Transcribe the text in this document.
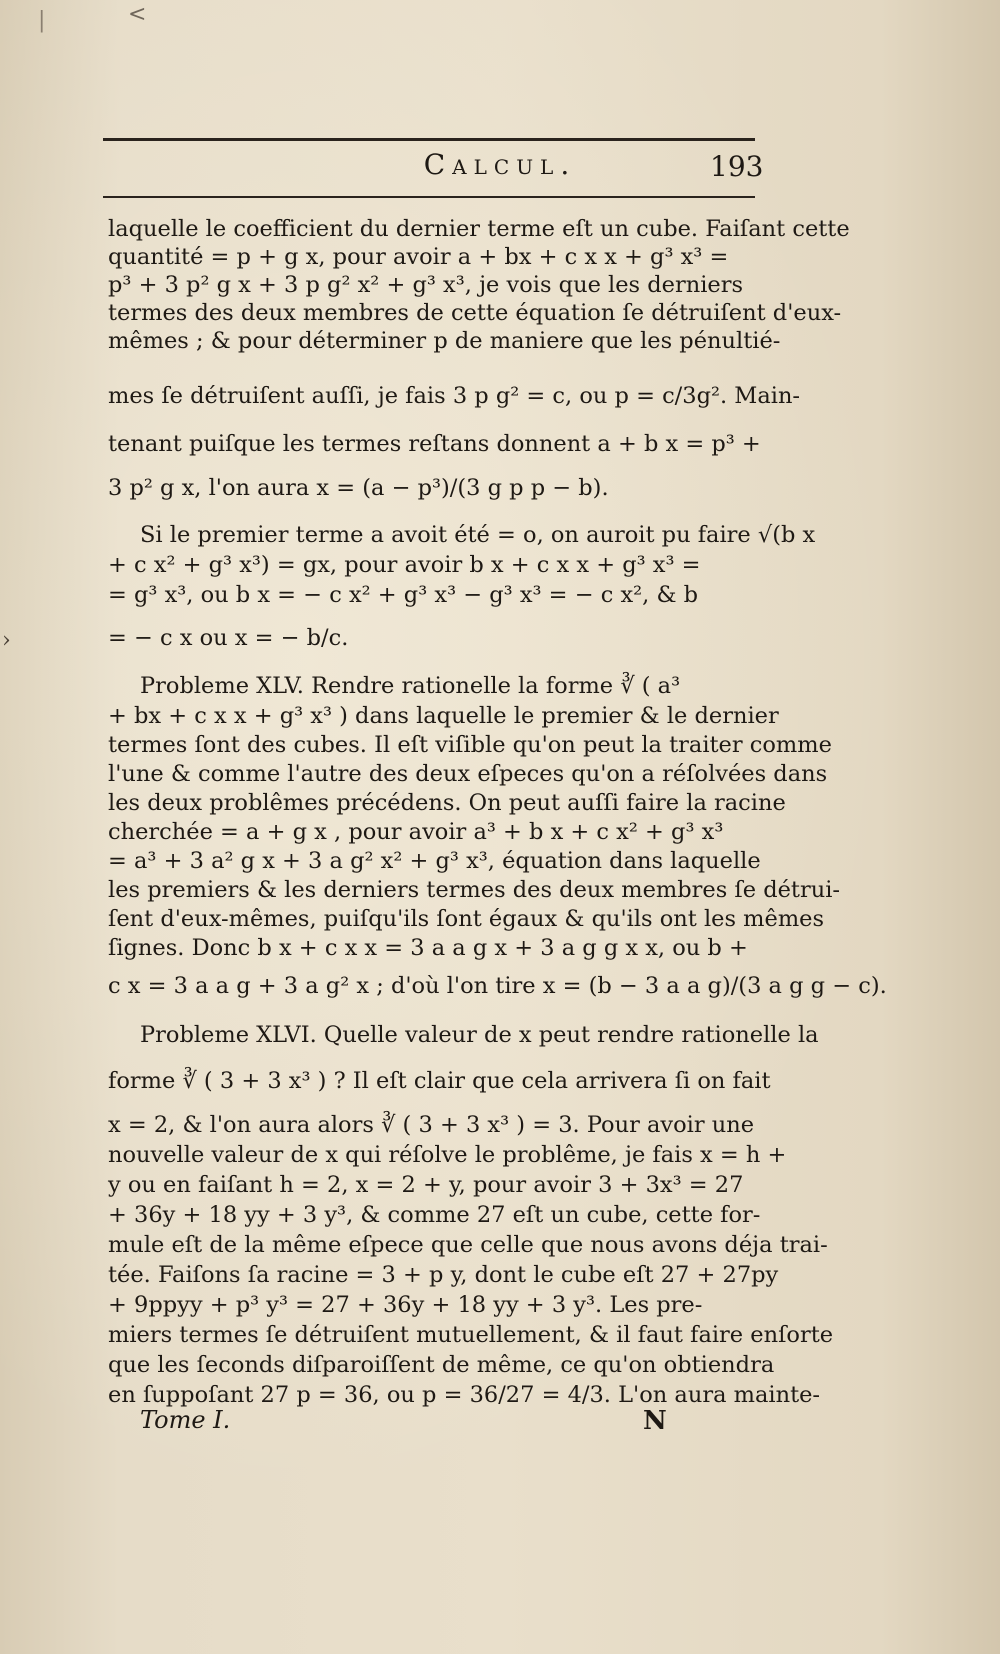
|	<
›
Calcul.	193
laquelle le coefficient du dernier terme eſt un cube. Faiſant cette
quantité = p + g x, pour avoir a + bx + c x x + g³ x³ =
p³ + 3 p² g x + 3 p g² x² + g³ x³, je vois que les derniers
termes des deux membres de cette équation ſe détruiſent d'eux-
mêmes ; & pour déterminer p de maniere que les pénultié-
mes ſe détruiſent auſſi, je fais 3 p g² = c, ou p = c/3g². Main-
tenant puiſque les termes reſtans donnent a + b x = p³ +
3 p² g x, l'on aura x = (a − p³)/(3 g p p − b).
Si le premier terme a avoit été = o, on auroit pu faire √(b x
+ c x² + g³ x³) = gx, pour avoir b x + c x x + g³ x³ =
= g³ x³, ou b x = − c x² + g³ x³ − g³ x³ = − c x², & b
= − c x ou x = − b/c.
Probleme XLV. Rendre rationelle la forme ∛ ( a³
+ bx + c x x + g³ x³ ) dans laquelle le premier & le dernier
termes ſont des cubes. Il eſt viſible qu'on peut la traiter comme
l'une & comme l'autre des deux eſpeces qu'on a réſolvées dans
les deux problêmes précédens. On peut auſſi faire la racine
cherchée = a + g x , pour avoir a³ + b x + c x² + g³ x³
= a³ + 3 a² g x + 3 a g² x² + g³ x³, équation dans laquelle
les premiers & les derniers termes des deux membres ſe détrui-
ſent d'eux-mêmes, puiſqu'ils ſont égaux & qu'ils ont les mêmes
ſignes. Donc b x + c x x = 3 a a g x + 3 a g g x x, ou b +
c x = 3 a a g + 3 a g² x ; d'où l'on tire x = (b − 3 a a g)/(3 a g g − c).
Probleme XLVI. Quelle valeur de x peut rendre rationelle la
forme ∛ ( 3 + 3 x³ ) ? Il eſt clair que cela arrivera ſi on fait
x = 2, & l'on aura alors ∛ ( 3 + 3 x³ ) = 3. Pour avoir une
nouvelle valeur de x qui réſolve le problême, je fais x = h +
y ou en faiſant h = 2, x = 2 + y, pour avoir 3 + 3x³ = 27
+ 36y + 18 yy + 3 y³, & comme 27 eſt un cube, cette for-
mule eſt de la même eſpece que celle que nous avons déja trai-
tée. Faiſons ſa racine = 3 + p y, dont le cube eſt 27 + 27py
+ 9ppyy + p³ y³ = 27 + 36y + 18 yy + 3 y³. Les pre-
miers termes ſe détruiſent mutuellement, & il faut faire enſorte
que les ſeconds diſparoiſſent de même, ce qu'on obtiendra
en ſuppoſant 27 p = 36, ou p = 36/27 = 4/3. L'on aura mainte-
Tome I.	N
